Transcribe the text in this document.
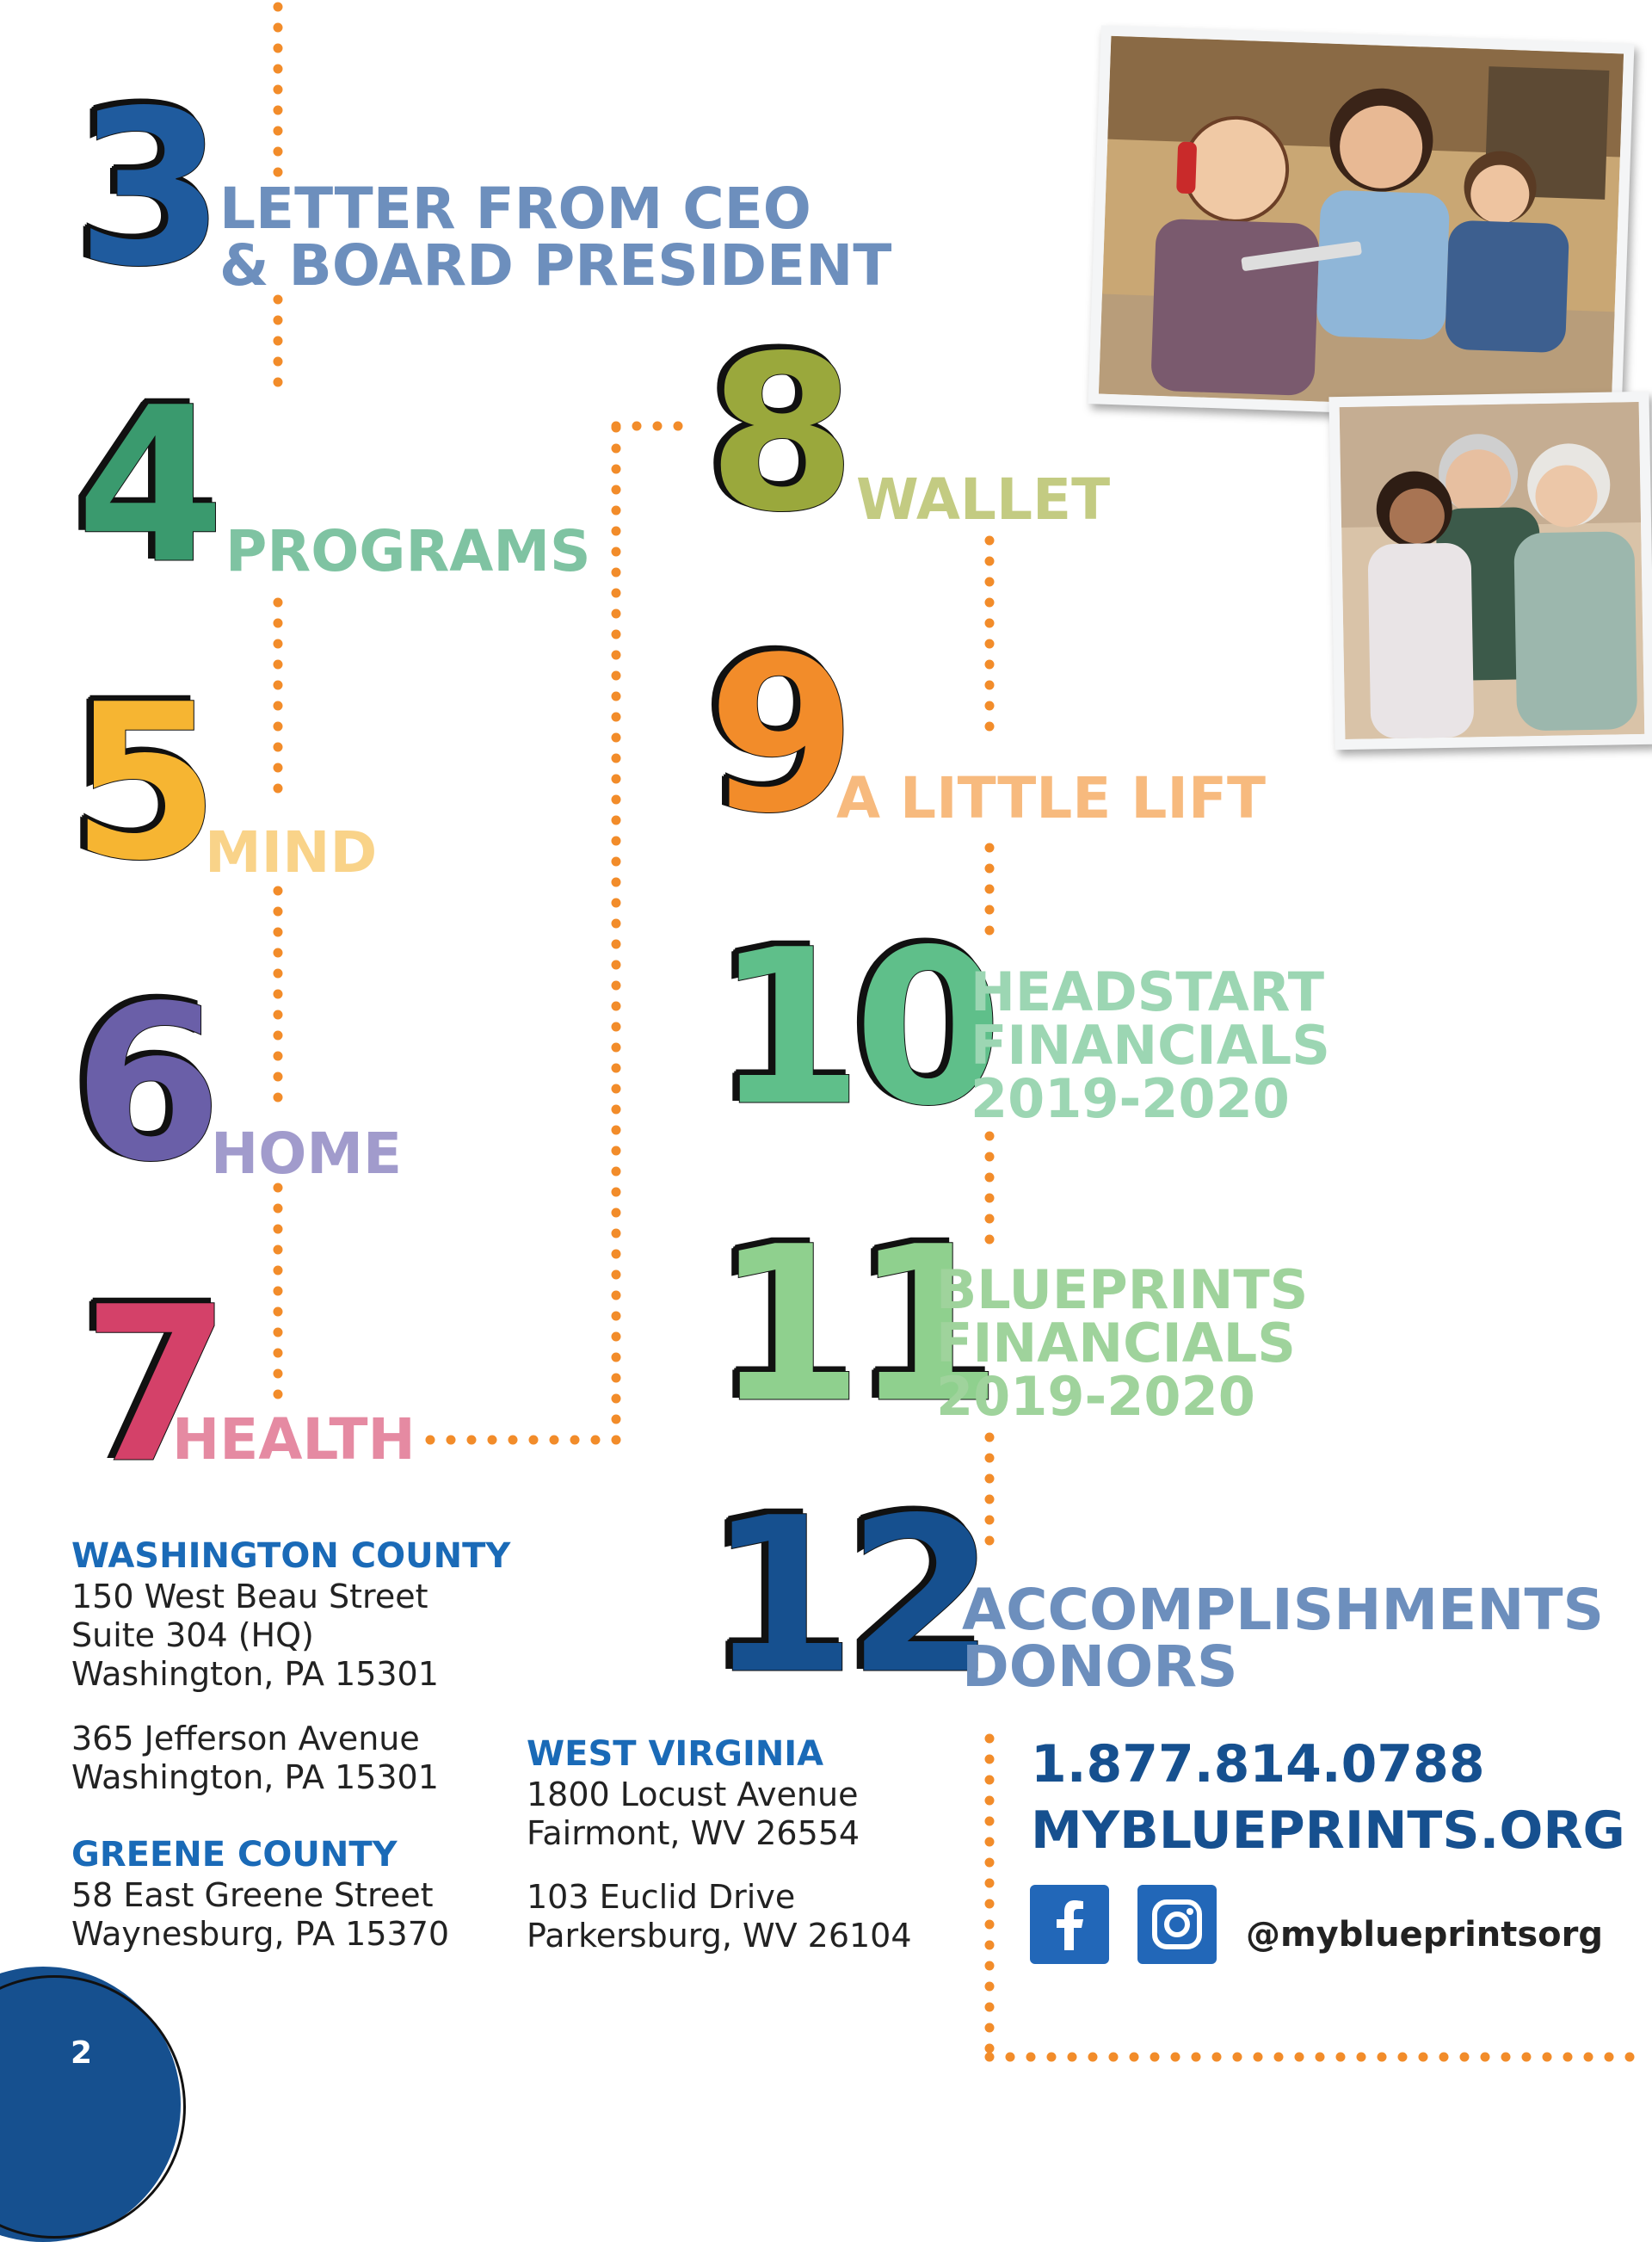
3 LETTER FROM CEO
& BOARD PRESIDENT
4 PROGRAMS
5
MIND
6
HOME
7
HEALTH
8 WALLET
9
A LITTLE LIFT
10
HEADSTART
FINANCIALS
2019-2020
11
BLUEPRINTS
FINANCIALS
2019-2020
12
ACCOMPLISHMENTS
DONORS
WASHINGTON COUNTY
150 West Beau Street
Suite 304 (HQ)
Washington, PA 15301
365 Jefferson Avenue
Washington, PA 15301
GREENE COUNTY
58 East Greene Street
Waynesburg, PA 15370
WEST VIRGINIA
1800 Locust Avenue
Fairmont, WV 26554
103 Euclid Drive
Parkersburg, WV 26104
1.877.814.0788
MYBLUEPRINTS.ORG
@myblueprintsorg
2
